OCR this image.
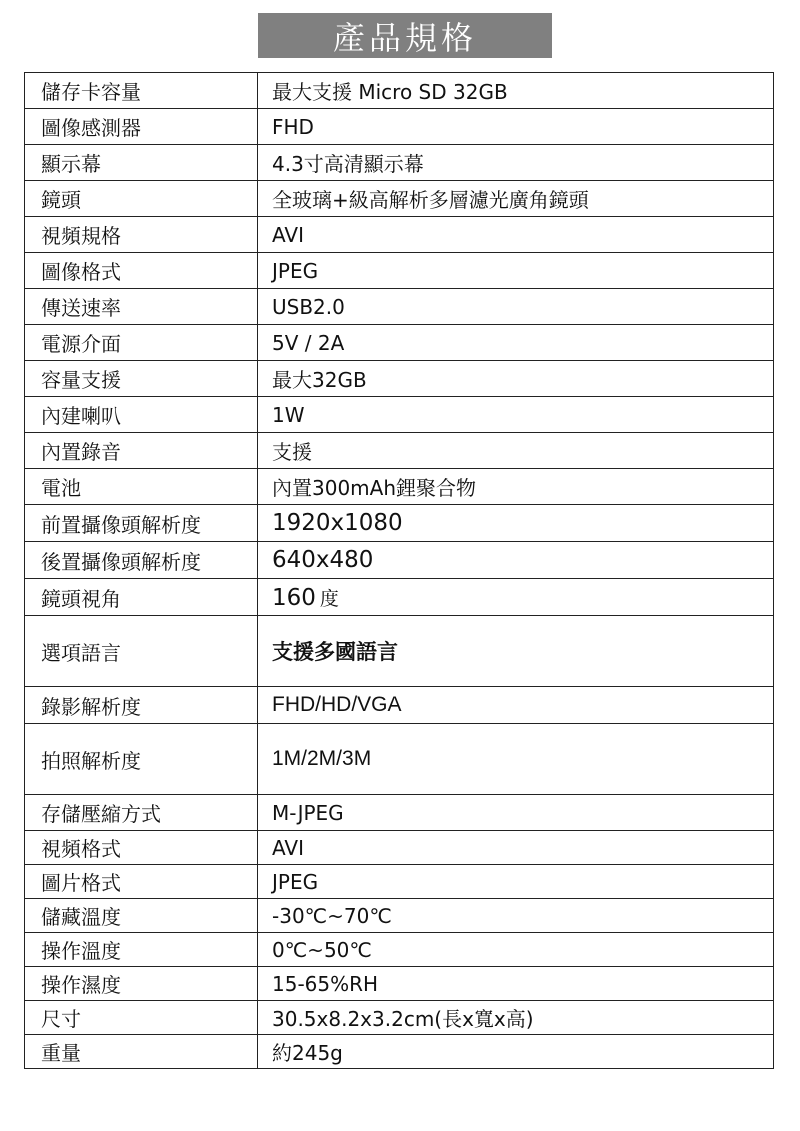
產品規格
儲存卡容量	最大支援 Micro SD 32GB
圖像感測器	FHD
顯示幕	4.3寸高清顯示幕
鏡頭	全玻璃+級高解析多層濾光廣角鏡頭
視頻規格	AVI
圖像格式	JPEG
傳送速率	USB2.0
電源介面	5V / 2A
容量支援	最大32GB
內建喇叭	1W
內置錄音	支援
電池	內置300mAh鋰聚合物
前置攝像頭解析度	1920x1080
後置攝像頭解析度	640x480
鏡頭視角	160 度
選項語言	支援多國語言
錄影解析度	FHD/HD/VGA
拍照解析度	1M/2M/3M
存儲壓縮方式	M-JPEG
視頻格式	AVI
圖片格式	JPEG
儲藏溫度	-30℃~70℃
操作溫度	0℃~50℃
操作濕度	15-65%RH
尺寸	30.5x8.2x3.2cm(長x寬x高)
重量	約245g
